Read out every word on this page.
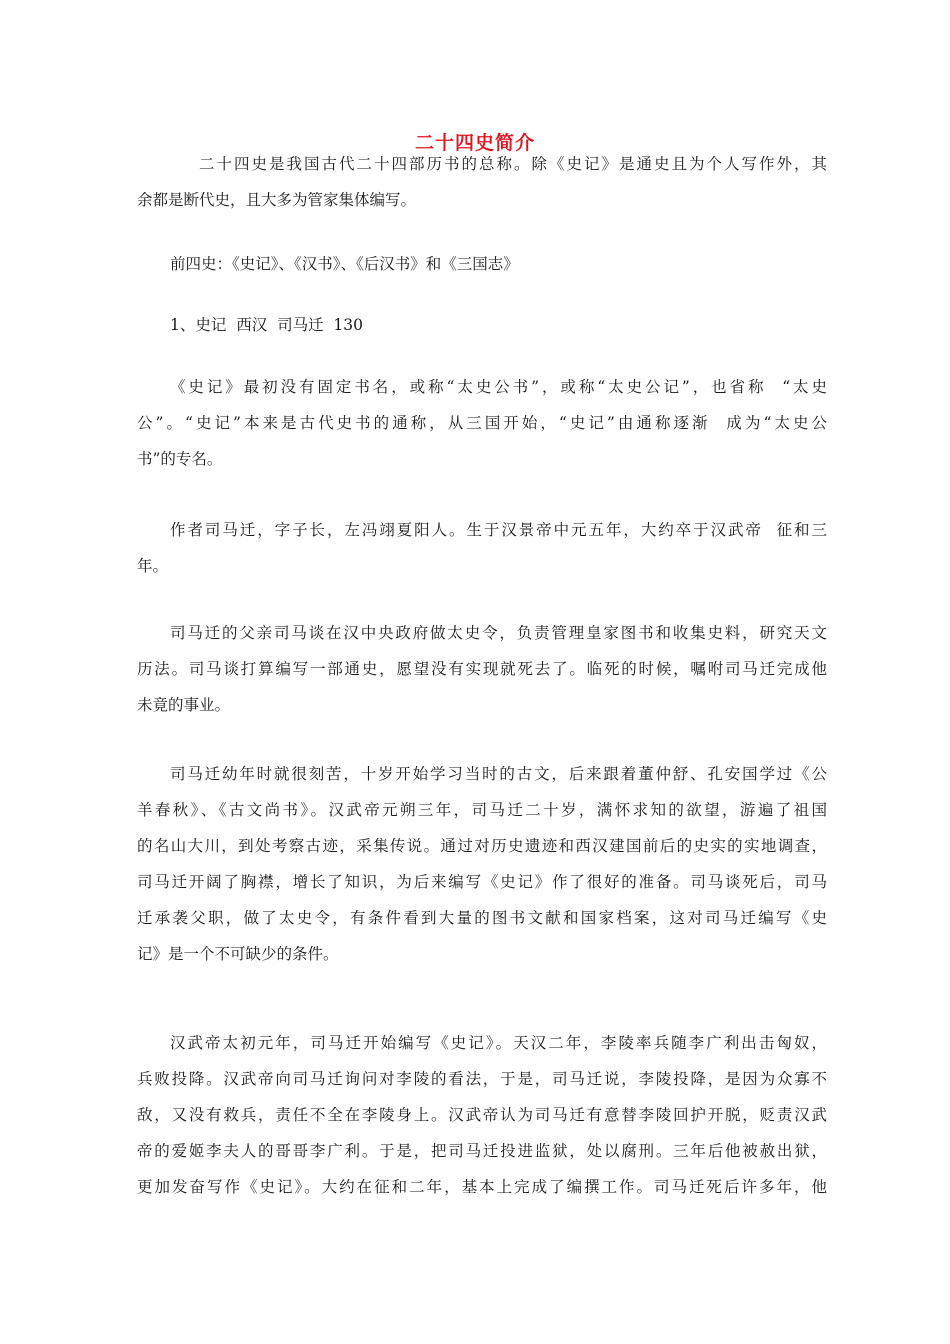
二十四史简介
二十四史是我国古代二十四部历书的总称。除《史记》是通史且为个人写作外，其
余都是断代史，且大多为管家集体编写。
前四史：《史记》、《汉书》、《后汉书》和《三国志》
1、史记  西汉  司马迁  130
《史记》最初没有固定书名，或称“太史公书”，或称“太史公记”，也省称  “太史
公”。“史记”本来是古代史书的通称，从三国开始，“史记”由通称逐渐  成为“太史公
书”的专名。
作者司马迁，字子长，左冯翊夏阳人。生于汉景帝中元五年，大约卒于汉武帝  征和三
年。
司马迁的父亲司马谈在汉中央政府做太史令，负责管理皇家图书和收集史料，研究天文
历法。司马谈打算编写一部通史，愿望没有实现就死去了。临死的时候，嘱咐司马迁完成他
未竟的事业。
司马迁幼年时就很刻苦，十岁开始学习当时的古文，后来跟着董仲舒、孔安国学过《公
羊春秋》、《古文尚书》。汉武帝元朔三年，司马迁二十岁，满怀求知的欲望，游遍了祖国
的名山大川，到处考察古迹，采集传说。通过对历史遗迹和西汉建国前后的史实的实地调查，
司马迁开阔了胸襟，增长了知识，为后来编写《史记》作了很好的准备。司马谈死后，司马
迁承袭父职，做了太史令，有条件看到大量的图书文献和国家档案，这对司马迁编写《史
记》是一个不可缺少的条件。
汉武帝太初元年，司马迁开始编写《史记》。天汉二年，李陵率兵随李广利出击匈奴，
兵败投降。汉武帝向司马迁询问对李陵的看法，于是，司马迁说，李陵投降，是因为众寡不
敌，又没有救兵，责任不全在李陵身上。汉武帝认为司马迁有意替李陵回护开脱，贬责汉武
帝的爱姬李夫人的哥哥李广利。于是，把司马迁投进监狱，处以腐刑。三年后他被赦出狱，
更加发奋写作《史记》。大约在征和二年，基本上完成了编撰工作。司马迁死后许多年，他
